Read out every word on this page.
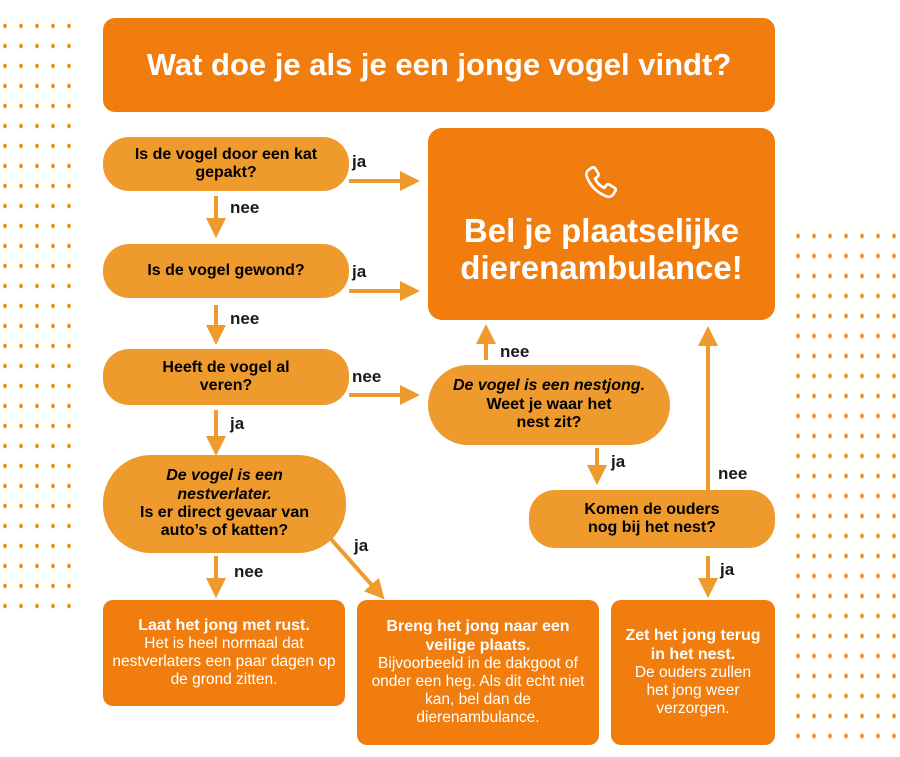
Wat doe je als je een jonge vogel vindt?
Bel je plaatselijke
dierenambulance!
Is de vogel door een kat gepakt?
Is de vogel gewond?
Heeft de vogel al veren?
De vogel is een nestverlater.
Is er direct gevaar van auto’s of katten?
De vogel is een nestjong.
Weet je waar het nest zit?
Komen de ouders nog bij het nest?
Laat het jong met rust.
Het is heel normaal dat nestverlaters een paar dagen op de grond zitten.
Breng het jong naar een veilige plaats.
Bijvoorbeeld in de dakgoot of onder een heg. Als dit echt niet kan, bel dan de dierenambulance.
Zet het jong terug in het nest.
De ouders zullen het jong weer verzorgen.
ja
ja
nee
nee
nee
ja
nee
ja
nee
ja
nee
ja
